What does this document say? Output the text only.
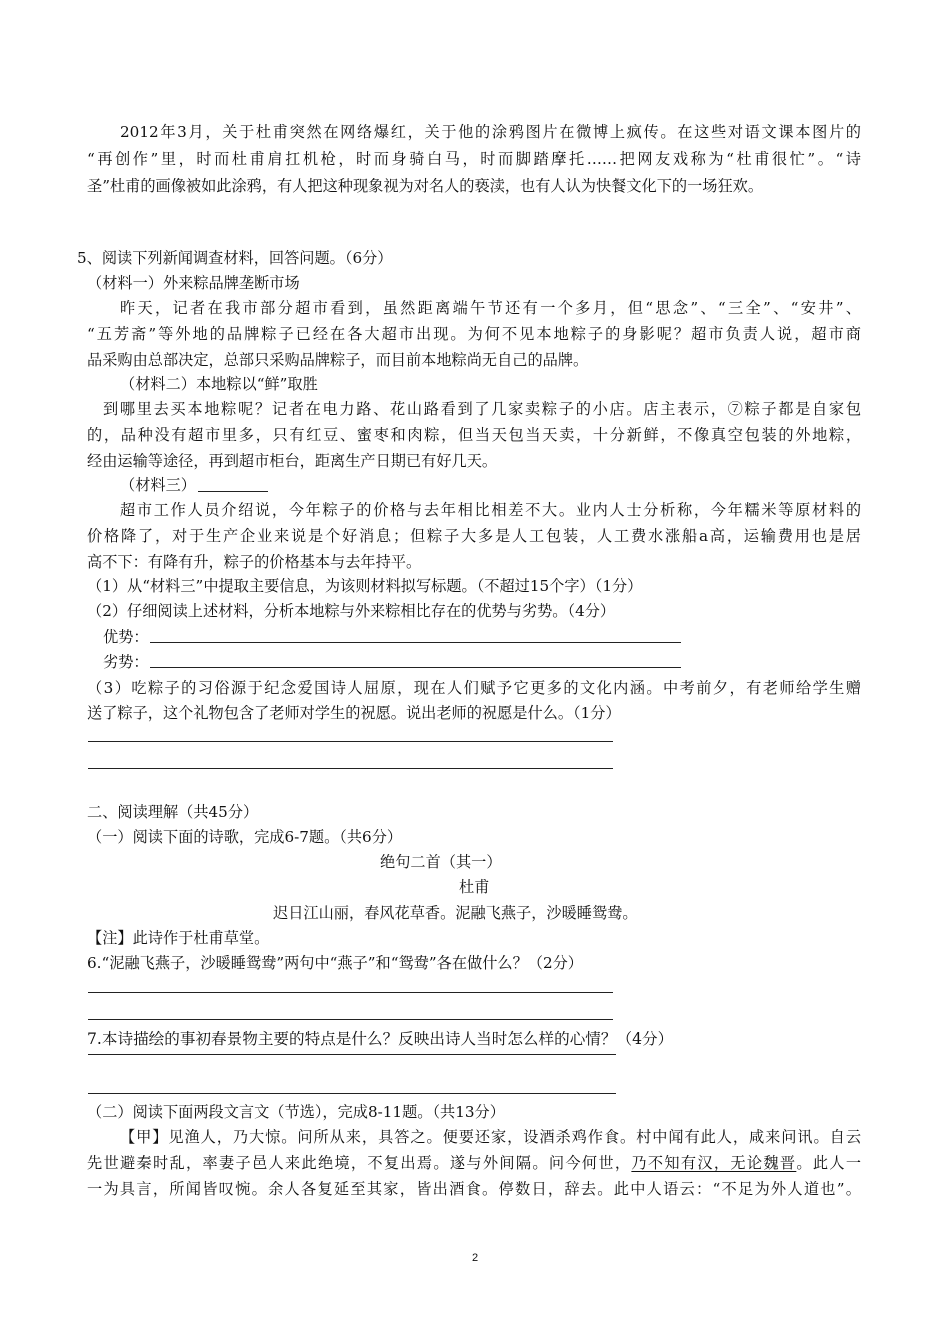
2012年3月，关于杜甫突然在网络爆红，关于他的涂鸦图片在微博上疯传。在这些对语文课本图片的
“再创作”里，时而杜甫肩扛机枪，时而身骑白马，时而脚踏摩托……把网友戏称为“杜甫很忙”。“诗
圣”杜甫的画像被如此涂鸦，有人把这种现象视为对名人的亵渎，也有人认为快餐文化下的一场狂欢。
5、阅读下列新闻调查材料，回答问题。（6分）
（材料一）外来粽品牌垄断市场
昨天，记者在我市部分超市看到，虽然距离端午节还有一个多月，但“思念”、“三全”、“安井”、
“五芳斋”等外地的品牌粽子已经在各大超市出现。为何不见本地粽子的身影呢？超市负责人说，超市商
品采购由总部决定，总部只采购品牌粽子，而目前本地粽尚无自己的品牌。
（材料二）本地粽以“鲜”取胜
到哪里去买本地粽呢？记者在电力路、花山路看到了几家卖粽子的小店。店主表示，⑦粽子都是自家包
的，品种没有超市里多，只有红豆、蜜枣和肉粽，但当天包当天卖，十分新鲜，不像真空包装的外地粽，
经由运输等途径，再到超市柜台，距离生产日期已有好几天。
（材料三）
超市工作人员介绍说，今年粽子的价格与去年相比相差不大。业内人士分析称，今年糯米等原材料的
价格降了，对于生产企业来说是个好消息；但粽子大多是人工包装，人工费水涨船a高，运输费用也是居
高不下：有降有升，粽子的价格基本与去年持平。
（1）从“材料三”中提取主要信息，为该则材料拟写标题。（不超过15个字）（1分）
（2）仔细阅读上述材料，分析本地粽与外来粽相比存在的优势与劣势。（4分）
优势：
劣势：
（3）吃粽子的习俗源于纪念爱国诗人屈原，现在人们赋予它更多的文化内涵。中考前夕，有老师给学生赠
送了粽子，这个礼物包含了老师对学生的祝愿。说出老师的祝愿是什么。（1分）
二、阅读理解（共45分）
（一）阅读下面的诗歌，完成6-7题。（共6分）
绝句二首（其一）
杜甫
迟日江山丽，春风花草香。泥融飞燕子，沙暖睡鸳鸯。
【注】此诗作于杜甫草堂。
6.“泥融飞燕子，沙暖睡鸳鸯”两句中“燕子”和“鸳鸯”各在做什么？（2分）
7.本诗描绘的事初春景物主要的特点是什么？反映出诗人当时怎么样的心情？（4分）
（二）阅读下面两段文言文（节选），完成8-11题。（共13分）
【甲】见渔人，乃大惊。问所从来，具答之。便要还家，设酒杀鸡作食。村中闻有此人，咸来问讯。自云
先世避秦时乱，率妻子邑人来此绝境，不复出焉。遂与外间隔。问今何世，乃不知有汉，无论魏晋。此人一
一为具言，所闻皆叹惋。余人各复延至其家，皆出酒食。停数日，辞去。此中人语云：“不足为外人道也”。
2
